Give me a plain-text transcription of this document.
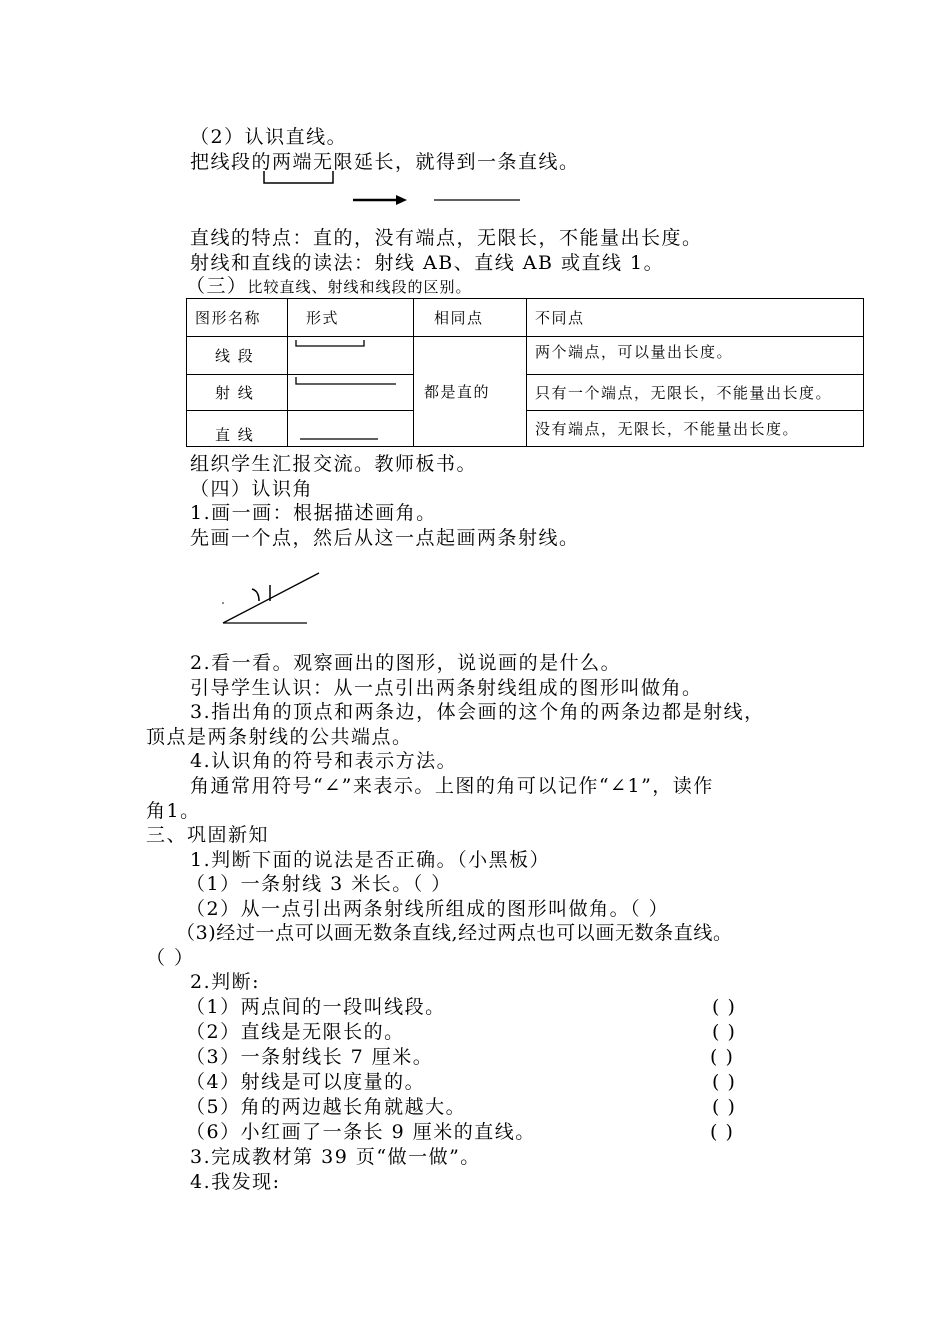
（2）认识直线。
把线段的两端无限延长，就得到一条直线。
直线的特点：直的，没有端点，无限长，不能量出长度。
射线和直线的读法：射线 AB、直线 AB 或直线 1。
（三）比较直线、射线和线段的区别。
图形名称	形式	相同点	不同点
线 段		都是直的	两个端点，可以量出长度。
射 线			只有一个端点，无限长，不能量出长度。
直 线			没有端点，无限长，不能量出长度。
组织学生汇报交流。教师板书。
（四）认识角
1.画一画：根据描述画角。
先画一个点，然后从这一点起画两条射线。
2.看一看。观察画出的图形，说说画的是什么。
引导学生认识：从一点引出两条射线组成的图形叫做角。
3.指出角的顶点和两条边，体会画的这个角的两条边都是射线，
顶点是两条射线的公共端点。
4.认识角的符号和表示方法。
角通常用符号“∠”来表示。上图的角可以记作“∠1”，读作
角1。
三、巩固新知
1.判断下面的说法是否正确。（小黑板）
（1）一条射线 3 米长。（ ）
（2）从一点引出两条射线所组成的图形叫做角。（ ）
（3)经过一点可以画无数条直线,经过两点也可以画无数条直线。
（ ）
2.判断:
（1）两点间的一段叫线段。	( )
（2）直线是无限长的。	( )
（3）一条射线长 7 厘米。	( )
（4）射线是可以度量的。	( )
（5）角的两边越长角就越大。	( )
（6）小红画了一条长 9 厘米的直线。	( )
3.完成教材第 39 页“做一做”。
4.我发现:
